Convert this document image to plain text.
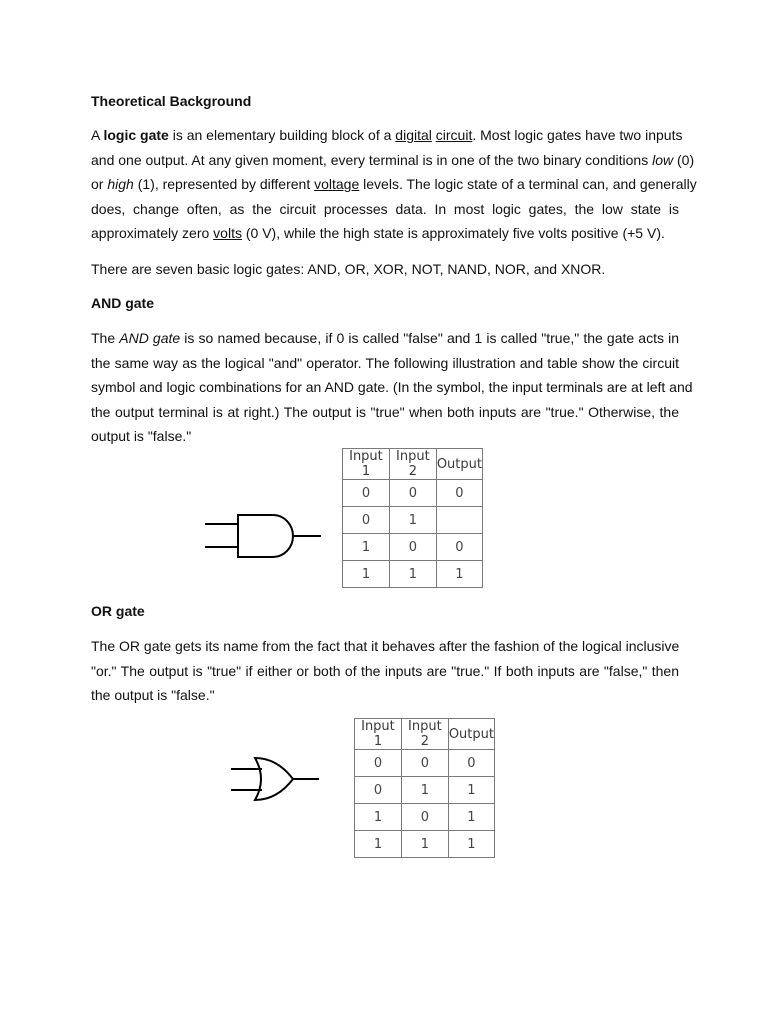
Theoretical Background
A logic gate is an elementary building block of a digital circuit. Most logic gates have two inputs
and one output. At any given moment, every terminal is in one of the two binary conditions low (0)
or high (1), represented by different voltage levels. The logic state of a terminal can, and generally
does, change often, as the circuit processes data. In most logic gates, the low state is
approximately zero volts (0 V), while the high state is approximately five volts positive (+5 V).
There are seven basic logic gates: AND, OR, XOR, NOT, NAND, NOR, and XNOR.
AND gate
The AND gate is so named because, if 0 is called "false" and 1 is called "true," the gate acts in
the same way as the logical "and" operator. The following illustration and table show the circuit
symbol and logic combinations for an AND gate. (In the symbol, the input terminals are at left and
the output terminal is at right.) The output is "true" when both inputs are "true." Otherwise, the
output is "false."
OR gate
The OR gate gets its name from the fact that it behaves after the fashion of the logical inclusive
"or." The output is "true" if either or both of the inputs are "true." If both inputs are "false," then
the output is "false."
Input 1	Input 2	Output
0	0	0
0	1	
1	0	0
1	1	1
Input 1	Input 2	Output
0	0	0
0	1	1
1	0	1
1	1	1
